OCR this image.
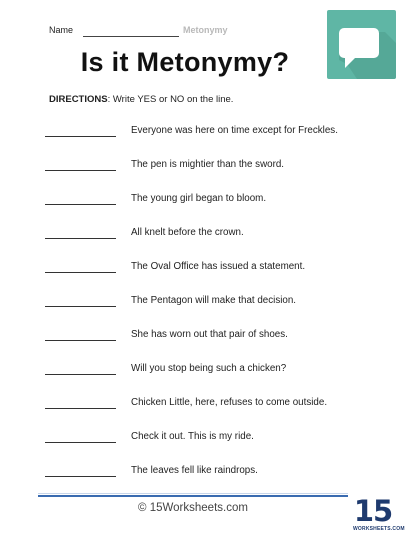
Name	Metonymy
Is it Metonymy?
DIRECTIONS: Write YES or NO on the line.
Everyone was here on time except for Freckles.
The pen is mightier than the sword.
The young girl began to bloom.
All knelt before the crown.
The Oval Office has issued a statement.
The Pentagon will make that decision.
She has worn out that pair of shoes.
Will you stop being such a chicken?
Chicken Little, here, refuses to come outside.
Check it out. This is my ride.
The leaves fell like raindrops.
© 15Worksheets.com	15
WORKSHEETS.COM
